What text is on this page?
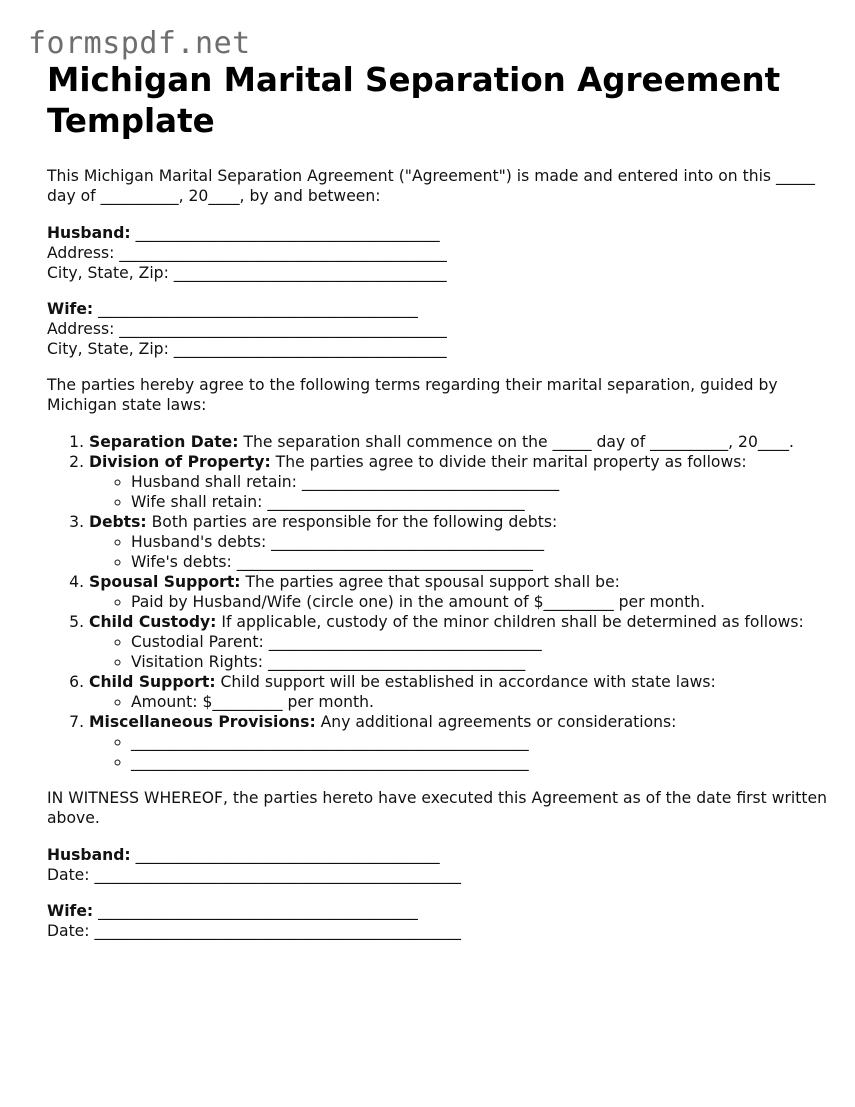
formspdf.net
Michigan Marital Separation Agreement Template

This Michigan Marital Separation Agreement ("Agreement") is made and entered into on this _____ day of __________, 20____, by and between:

Husband: _______________________________________

Address: __________________________________________

City, State, Zip: ___________________________________

Wife: _________________________________________

Address: __________________________________________

City, State, Zip: ___________________________________

The parties hereby agree to the following terms regarding their marital separation, guided by Michigan state laws:

1. Separation Date: The separation shall commence on the _____ day of __________, 20____.
2. Division of Property: The parties agree to divide their marital property as follows:
◦ Husband shall retain: _________________________________
◦ Wife shall retain: _________________________________
3. Debts: Both parties are responsible for the following debts:
◦ Husband's debts: ___________________________________
◦ Wife's debts: ______________________________________
4. Spousal Support: The parties agree that spousal support shall be:
◦ Paid by Husband/Wife (circle one) in the amount of $_________ per month.
5. Child Custody: If applicable, custody of the minor children shall be determined as follows:
◦ Custodial Parent: ___________________________________
◦ Visitation Rights: _________________________________
6. Child Support: Child support will be established in accordance with state laws:
◦ Amount: $_________ per month.
7. Miscellaneous Provisions: Any additional agreements or considerations:
◦ ___________________________________________________
◦ ___________________________________________________

IN WITNESS WHEREOF, the parties hereto have executed this Agreement as of the date first written above.

Husband: _______________________________________

Date: _______________________________________________

Wife: _________________________________________

Date: _______________________________________________
